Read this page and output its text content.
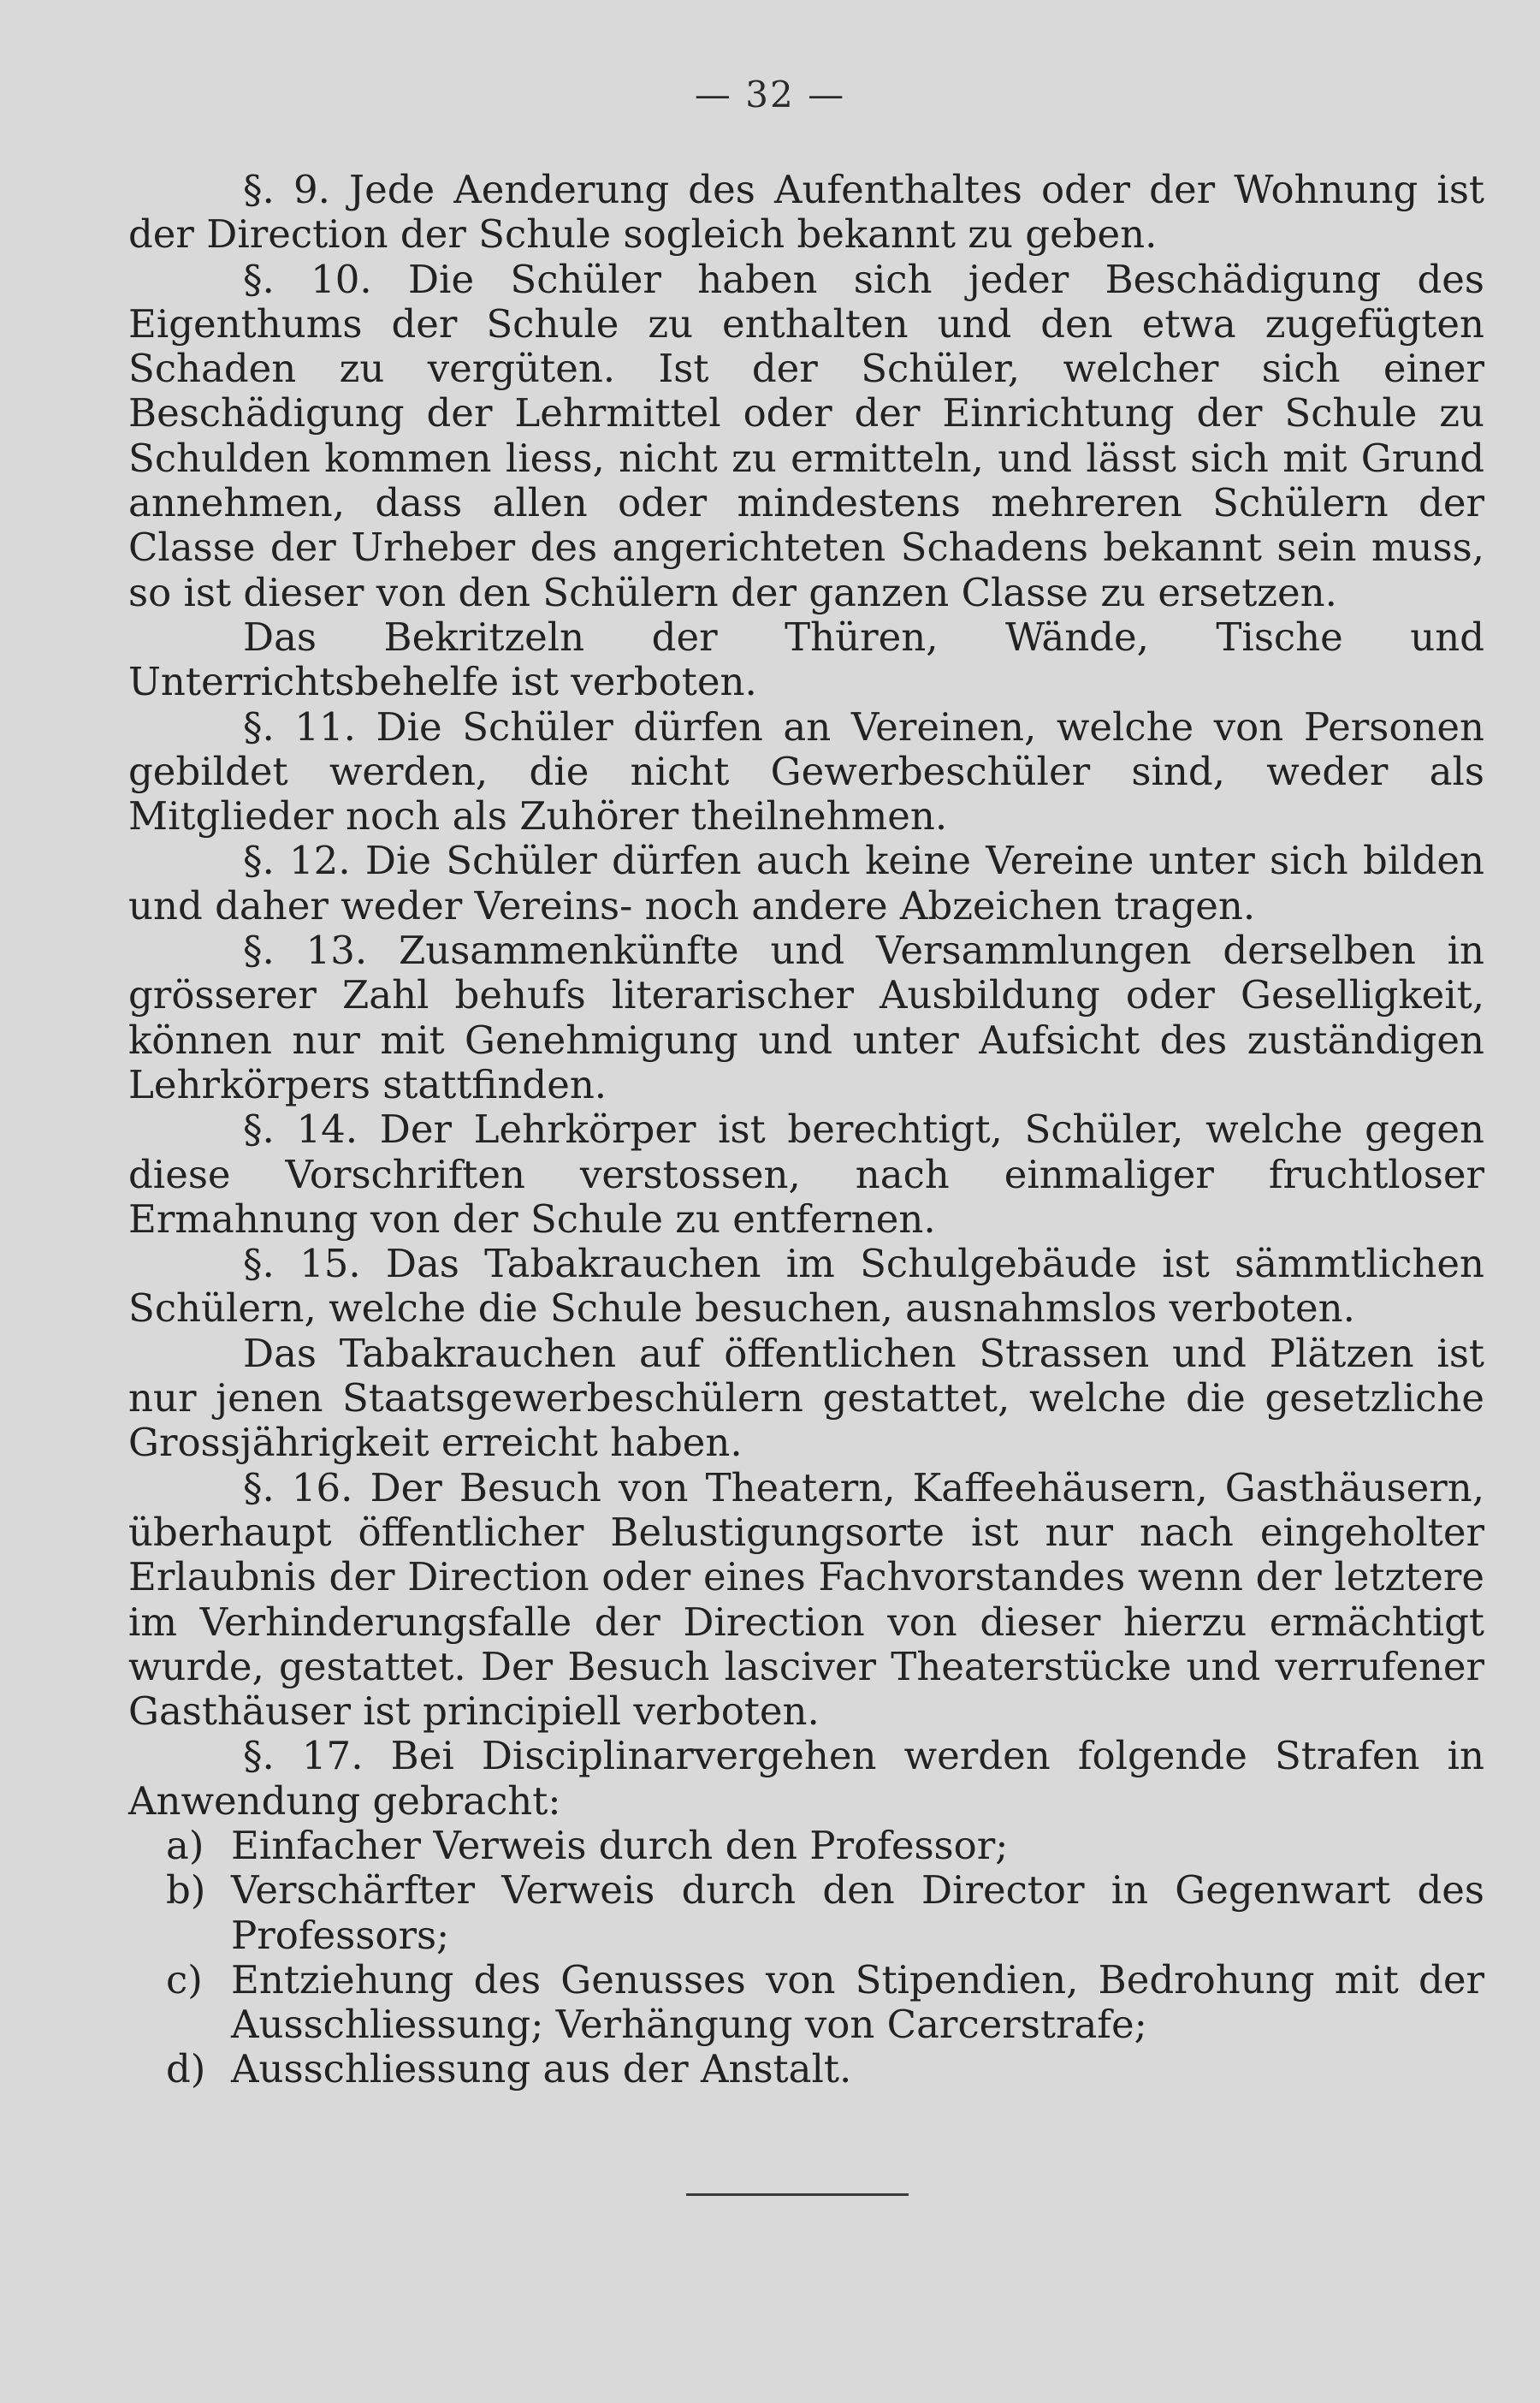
— 32 —

§. 9. Jede Aenderung des Aufenthaltes oder der Wohnung ist der Direction der Schule sogleich bekannt zu geben.

§. 10. Die Schüler haben sich jeder Beschädigung des Eigenthums der Schule zu enthalten und den etwa zugefügten Schaden zu vergüten. Ist der Schüler, welcher sich einer Beschädigung der Lehrmittel oder der Einrichtung der Schule zu Schulden kommen liess, nicht zu ermitteln, und lässt sich mit Grund annehmen, dass allen oder mindestens mehreren Schülern der Classe der Urheber des angerichteten Schadens bekannt sein muss, so ist dieser von den Schülern der ganzen Classe zu ersetzen.

Das Bekritzeln der Thüren, Wände, Tische und Unterrichtsbehelfe ist verboten.

§. 11. Die Schüler dürfen an Vereinen, welche von Personen gebildet werden, die nicht Gewerbeschüler sind, weder als Mitglieder noch als Zuhörer theilnehmen.

§. 12. Die Schüler dürfen auch keine Vereine unter sich bilden und daher weder Vereins- noch andere Abzeichen tragen.

§. 13. Zusammenkünfte und Versammlungen derselben in grösserer Zahl behufs literarischer Ausbildung oder Geselligkeit, können nur mit Genehmigung und unter Aufsicht des zuständigen Lehrkörpers stattfinden.

§. 14. Der Lehrkörper ist berechtigt, Schüler, welche gegen diese Vorschriften verstossen, nach einmaliger fruchtloser Ermahnung von der Schule zu entfernen.

§. 15. Das Tabakrauchen im Schulgebäude ist sämmtlichen Schülern, welche die Schule besuchen, ausnahmslos verboten.

Das Tabakrauchen auf öffentlichen Strassen und Plätzen ist nur jenen Staatsgewerbeschülern gestattet, welche die gesetzliche Grossjährigkeit erreicht haben.

§. 16. Der Besuch von Theatern, Kaffeehäusern, Gasthäusern, überhaupt öffentlicher Belustigungsorte ist nur nach eingeholter Erlaubnis der Direction oder eines Fachvorstandes wenn der letztere im Verhinderungsfalle der Direction von dieser hierzu ermächtigt wurde, gestattet. Der Besuch lasciver Theaterstücke und verrufener Gasthäuser ist principiell verboten.

§. 17. Bei Disciplinarvergehen werden folgende Strafen in Anwendung gebracht:

a) Einfacher Verweis durch den Professor;
b) Verschärfter Verweis durch den Director in Gegenwart des Professors;
c) Entziehung des Genusses von Stipendien, Bedrohung mit der Ausschliessung; Verhängung von Carcerstrafe;
d) Ausschliessung aus der Anstalt.
